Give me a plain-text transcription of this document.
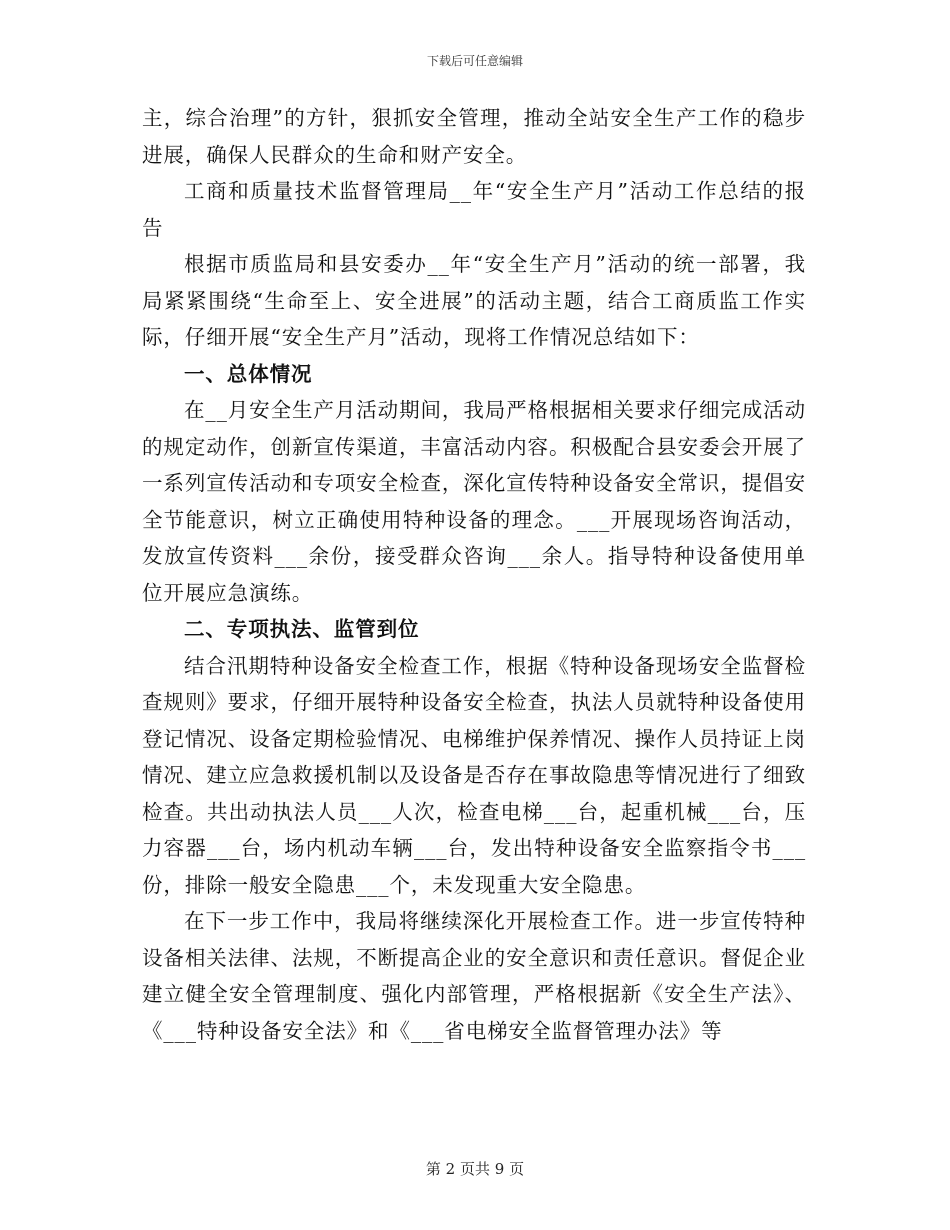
下载后可任意编辑

主，综合治理”的方针，狠抓安全管理，推动全站安全生产工作的稳步进展，确保人民群众的生命和财产安全。

工商和质量技术监督管理局__年“安全生产月”活动工作总结的报告

根据市质监局和县安委办__年“安全生产月”活动的统一部署，我局紧紧围绕“生命至上、安全进展”的活动主题，结合工商质监工作实际，仔细开展“安全生产月”活动，现将工作情况总结如下：

一、总体情况

在__月安全生产月活动期间，我局严格根据相关要求仔细完成活动的规定动作，创新宣传渠道，丰富活动内容。积极配合县安委会开展了一系列宣传活动和专项安全检查，深化宣传特种设备安全常识，提倡安全节能意识，树立正确使用特种设备的理念。___开展现场咨询活动，发放宣传资料___余份，接受群众咨询___余人。指导特种设备使用单位开展应急演练。

二、专项执法、监管到位

结合汛期特种设备安全检查工作，根据《特种设备现场安全监督检查规则》要求，仔细开展特种设备安全检查，执法人员就特种设备使用登记情况、设备定期检验情况、电梯维护保养情况、操作人员持证上岗情况、建立应急救援机制以及设备是否存在事故隐患等情况进行了细致检查。共出动执法人员___人次，检查电梯___台，起重机械___台，压力容器___台，场内机动车辆___台，发出特种设备安全监察指令书___份，排除一般安全隐患___个，未发现重大安全隐患。

在下一步工作中，我局将继续深化开展检查工作。进一步宣传特种设备相关法律、法规，不断提高企业的安全意识和责任意识。督促企业建立健全安全管理制度、强化内部管理，严格根据新《安全生产法》、《___特种设备安全法》和《___省电梯安全监督管理办法》等

第 2 页共 9 页
